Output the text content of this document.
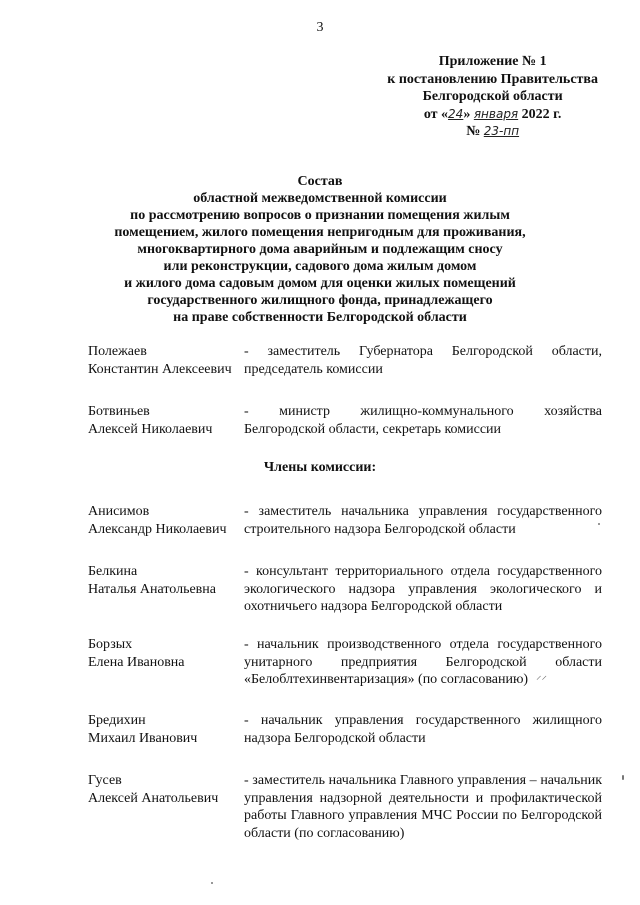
3
Приложение № 1
к постановлению Правительства
Белгородской области
от «24» января 2022 г.
№ 23-пп
Состав
областной межведомственной комиссии
по рассмотрению вопросов о признании помещения жилым
помещением, жилого помещения непригодным для проживания,
многоквартирного дома аварийным и подлежащим сносу
или реконструкции, садового дома жилым домом
и жилого дома садовым домом для оценки жилых помещений
государственного жилищного фонда, принадлежащего
на праве собственности Белгородской области
Полежаев
Константин Алексеевич
- заместитель Губернатора Белгородской области, председатель комиссии
Ботвиньев
Алексей Николаевич
- министр жилищно-коммунального хозяйства Белгородской области, секретарь комиссии
Члены комиссии:
Анисимов
Александр Николаевич
- заместитель начальника управления государственного строительного надзора Белгородской области
Белкина
Наталья Анатольевна
- консультант территориального отдела государственного экологического надзора управления экологического и охотничьего надзора Белгородской области
Борзых
Елена Ивановна
- начальник производственного отдела государственного унитарного предприятия Белгородской области «Белоблтехинвентаризация» (по согласованию)
Бредихин
Михаил Иванович
- начальник управления государственного жилищного надзора Белгородской области
Гусев
Алексей Анатольевич
- заместитель начальника Главного управления – начальник управления надзорной деятельности и профилактической работы Главного управления МЧС России по Белгородской области (по согласованию)
⸝⸝
